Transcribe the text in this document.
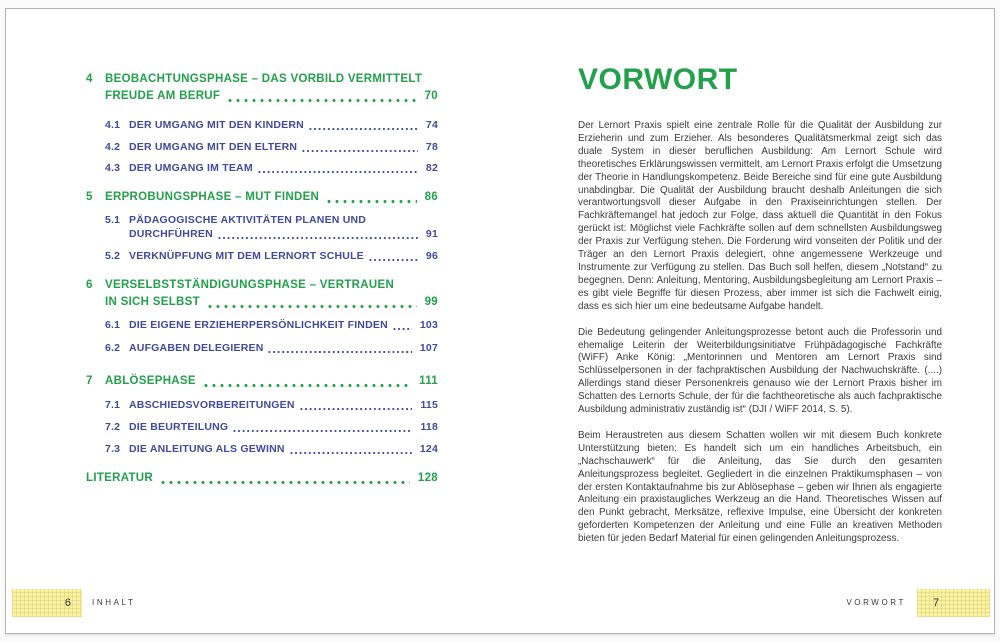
4	BEOBACHTUNGSPHASE – DAS VORBILD VERMITTELT
FREUDE AM BERUF	70
4.1 DER UMGANG MIT DEN KINDERN	74
4.2 DER UMGANG MIT DEN ELTERN	78
4.3 DER UMGANG IM TEAM	82
5	ERPROBUNGSPHASE – MUT FINDEN	86
5.1 PÄDAGOGISCHE AKTIVITÄTEN PLANEN UND
DURCHFÜHREN	91
5.2 VERKNÜPFUNG MIT DEM LERNORT SCHULE	96
6	VERSELBSTSTÄNDIGUNGSPHASE – VERTRAUEN
IN SICH SELBST	99
6.1 DIE EIGENE ERZIEHERPERSÖNLICHKEIT FINDEN	103
6.2 AUFGABEN DELEGIEREN	107
7	ABLÖSEPHASE	111
7.1 ABSCHIEDSVORBEREITUNGEN	115
7.2 DIE BEURTEILUNG	118
7.3 DIE ANLEITUNG ALS GEWINN	124
LITERATUR	128
VORWORT

Der Lernort Praxis spielt eine zentrale Rolle für die Qualität der Ausbildung zur Erzieherin und zum Erzieher. Als besonderes Qualitätsmerkmal zeigt sich das duale System in dieser beruflichen Ausbildung: Am Lernort Schule wird theoretisches Erklärungswissen vermittelt, am Lernort Praxis erfolgt die Umsetzung der Theorie in Handlungskompetenz. Beide Bereiche sind für eine gute Ausbildung unabdingbar. Die Qualität der Ausbildung braucht deshalb Anleitungen die sich verantwortungsvoll dieser Aufgabe in den Praxiseinrichtungen stellen. Der Fachkräftemangel hat jedoch zur Folge, dass aktuell die Quantität in den Fokus gerückt ist: Möglichst viele Fachkräfte sollen auf dem schnellsten Ausbildungsweg der Praxis zur Verfügung stehen. Die Forderung wird vonseiten der Politik und der Träger an den Lernort Praxis delegiert, ohne angemessene Werkzeuge und Instrumente zur Verfügung zu stellen. Das Buch soll helfen, diesem „Notstand“ zu begegnen. Denn: Anleitung, Mentoring, Ausbildungsbegleitung am Lernort Praxis – es gibt viele Begriffe für diesen Prozess, aber immer ist sich die Fachwelt einig, dass es sich hier um eine bedeutsame Aufgabe handelt.

Die Bedeutung gelingender Anleitungsprozesse betont auch die Professorin und ehemalige Leiterin der Weiterbildungsinitiatve Frühpädagogische Fachkräfte (WiFF) Anke König: „Mentorinnen und Mentoren am Lernort Praxis sind Schlüsselpersonen in der fachpraktischen Ausbildung der Nachwuchskräfte. (....) Allerdings stand dieser Personenkreis genauso wie der Lernort Praxis bisher im Schatten des Lernorts Schule, der für die fachtheoretische als auch fachpraktische Ausbildung administrativ zuständig ist“ (DJI / WiFF 2014, S. 5).

Beim Heraustreten aus diesem Schatten wollen wir mit diesem Buch konkrete Unterstützung bieten: Es handelt sich um ein handliches Arbeitsbuch, ein „Nachschauwerk“ für die Anleitung, das Sie durch den gesamten Anleitungsprozess begleitet. Gegliedert in die einzelnen Praktikumsphasen – von der ersten Kontaktaufnahme bis zur Ablösephase – geben wir Ihnen als engagierte Anleitung ein praxistaugliches Werkzeug an die Hand. Theoretisches Wissen auf den Punkt gebracht, Merksätze, reflexive Impulse, eine Übersicht der konkreten geforderten Kompetenzen der Anleitung und eine Fülle an kreativen Methoden bieten für jeden Bedarf Material für einen gelingenden Anleitungsprozess.

6	INHALT	VORWORT 7
